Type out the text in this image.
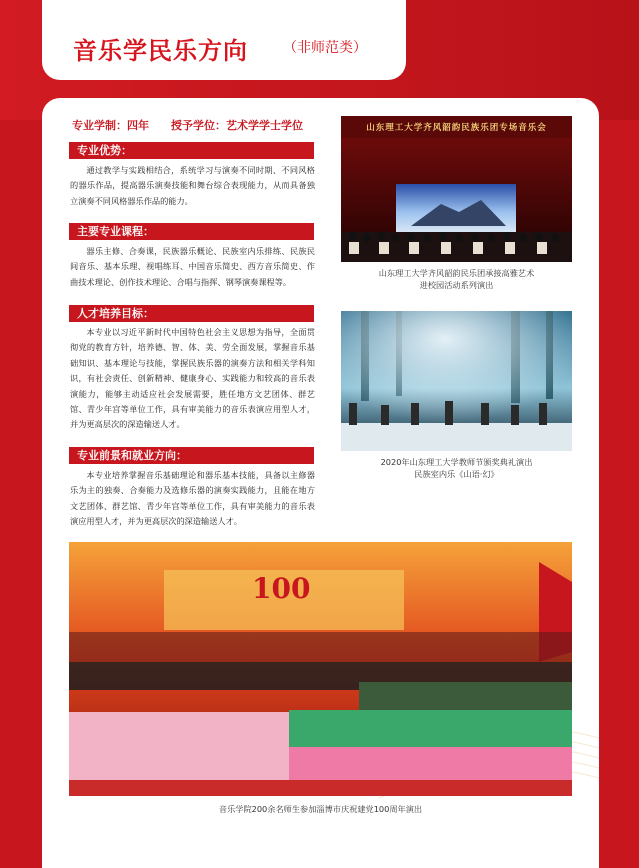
音乐学民乐方向	（非师范类）
专业学制：四年 授予学位：艺术学学士学位
专业优势：
通过教学与实践相结合，系统学习与演奏不同时期、不同风格的器乐作品，提高器乐演奏技能和舞台综合表现能力，从而具备独立演奏不同风格器乐作品的能力。
主要专业课程：
器乐主修、合奏课，民族器乐概论、民族室内乐排练、民族民间音乐、基本乐理、视唱练耳、中国音乐简史、西方音乐简史、作曲技术理论、创作技术理论、合唱与指挥、钢琴演奏课程等。
人才培养目标：
本专业以习近平新时代中国特色社会主义思想为指导，全面贯彻党的教育方针，培养德、智、体、美、劳全面发展，掌握音乐基础知识、基本理论与技能，掌握民族乐器的演奏方法和相关学科知识，有社会责任、创新精神、健康身心、实践能力和较高的音乐表演能力，能够主动适应社会发展需要，胜任地方文艺团体、群艺馆、青少年宫等单位工作，具有审美能力的音乐表演应用型人才，并为更高层次的深造输送人才。
专业前景和就业方向：
本专业培养掌握音乐基础理论和器乐基本技能，具备以主修器乐为主的独奏、合奏能力及选修乐器的演奏实践能力，且能在地方文艺团体、群艺馆、青少年宫等单位工作，具有审美能力的音乐表演应用型人才，并为更高层次的深造输送人才。
山东理工大学齐风韶韵民族乐团专场音乐会
山东理工大学齐风韶韵民乐团承接高雅艺术
进校园活动系列演出
2020年山东理工大学教师节颁奖典礼演出
民族室内乐《山语·幻》
100
音乐学院200余名师生参加淄博市庆祝建党100周年演出
